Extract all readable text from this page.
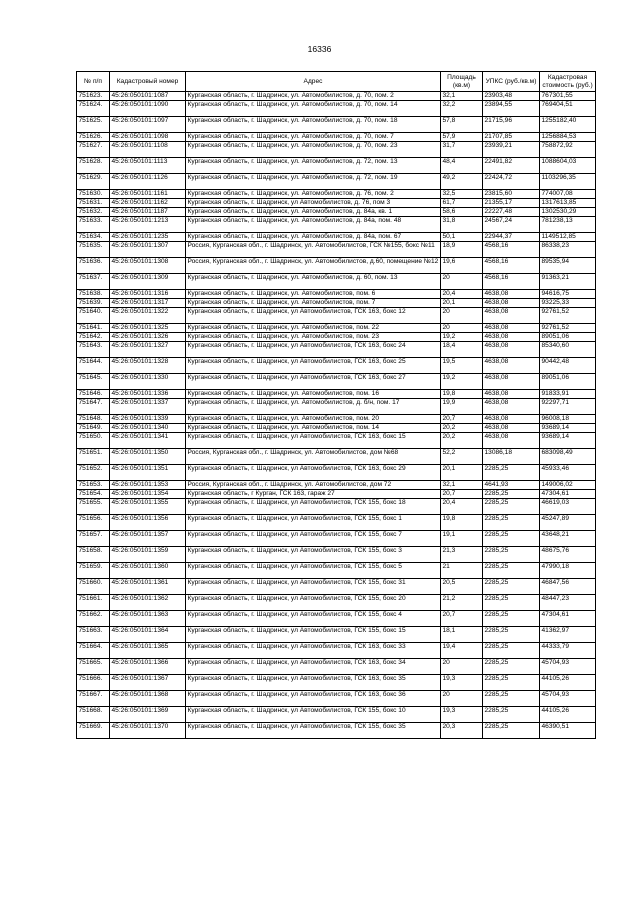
16336
№ п/п	Кадастровый номер	Адрес	Площадь (кв.м)	УПКС (руб./кв.м)	Кадастровая стоимость (руб.)
751623.	45:26:050101:1087	Курганская область, г. Шадринск, ул. Автомобилистов, д. 70, пом. 2	32,1	23903,48	767301,55
751624.	45:26:050101:1090	Курганская область, г. Шадринск, ул. Автомобилистов, д. 70, пом. 14	32,2	23894,55	769404,51
751625.	45:26:050101:1097	Курганская область, г. Шадринск, ул. Автомобилистов, д. 70, пом. 18	57,8	21715,96	1255182,40
751626.	45:26:050101:1098	Курганская область, г. Шадринск, ул. Автомобилистов, д. 70, пом. 7	57,9	21707,85	1256884,53
751627.	45:26:050101:1108	Курганская область, г. Шадринск, ул. Автомобилистов, д. 70, пом. 23	31,7	23939,21	758872,92
751628.	45:26:050101:1113	Курганская область, г. Шадринск, ул. Автомобилистов, д. 72, пом. 13	48,4	22491,82	1088604,03
751629.	45:26:050101:1126	Курганская область, г. Шадринск, ул. Автомобилистов, д. 72, пом. 19	49,2	22424,72	1103296,35
751630.	45:26:050101:1161	Курганская область, г. Шадринск, ул. Автомобилистов, д. 76, пом. 2	32,5	23815,60	774007,08
751631.	45:26:050101:1162	Курганская область, г. Шадринск, ул Автомобилистов, д. 76, пом 3	61,7	21355,17	1317613,85
751632.	45:26:050101:1187	Курганская область, г. Шадринск, ул. Автомобилистов, д. 84а, кв. 1	58,6	22227,48	1302530,29
751633.	45:26:050101:1213	Курганская область, г. Шадринск, ул. Автомобилистов, д. 84а, пом. 48	31,8	24567,24	781238,13
751634.	45:26:050101:1235	Курганская область, г. Шадринск, ул. Автомобилистов, д. 84а, пом. 67	50,1	22944,37	1149512,85
751635.	45:26:050101:1307	Россия, Курганская обл., г. Шадринск, ул. Автомобилистов, ГСК №155, бокс №11	18,9	4568,16	86338,23
751636.	45:26:050101:1308	Россия, Курганская обл., г. Шадринск, ул. Автомобилистов, д.60, помещение №12	19,6	4568,16	89535,94
751637.	45:26:050101:1309	Курганская область, г. Шадринск, ул. Автомобилистов, д. 60, пом. 13	20	4568,16	91363,21
751638.	45:26:050101:1316	Курганская область, г. Шадринск, ул. Автомобилистов, пом. 6	20,4	4638,08	94616,75
751639.	45:26:050101:1317	Курганская область, г. Шадринск, ул. Автомобилистов, пом. 7	20,1	4638,08	93225,33
751640.	45:26:050101:1322	Курганская область, г. Шадринск, ул Автомобилистов, ГСК 163, бокс 12	20	4638,08	92761,52
751641.	45:26:050101:1325	Курганская область, г. Шадринск, ул. Автомобилистов, пом. 22	20	4638,08	92761,52
751642.	45:26:050101:1326	Курганская область, г. Шадринск, ул. Автомобилистов, пом. 23	19,2	4638,08	89051,06
751643.	45:26:050101:1327	Курганская область, г. Шадринск, ул Автомобилистов, ГСК 163, бокс 24	18,4	4638,08	85340,60
751644.	45:26:050101:1328	Курганская область, г. Шадринск, ул Автомобилистов, ГСК 163, бокс 25	19,5	4638,08	90442,48
751645.	45:26:050101:1330	Курганская область, г. Шадринск, ул Автомобилистов, ГСК 163, бокс 27	19,2	4638,08	89051,06
751646.	45:26:050101:1336	Курганская область, г. Шадринск, ул. Автомобилистов, пом. 16	19,8	4638,08	91833,91
751647.	45:26:050101:1337	Курганская область, г. Шадринск, ул. Автомобилистов, д. б/н, пом. 17	19,9	4638,08	92297,71
751648.	45:26:050101:1339	Курганская область, г. Шадринск, ул. Автомобилистов, пом. 20	20,7	4638,08	96008,18
751649.	45:26:050101:1340	Курганская область, г. Шадринск, ул. Автомобилистов, пом. 14	20,2	4638,08	93689,14
751650.	45:26:050101:1341	Курганская область, г. Шадринск, ул Автомобилистов, ГСК 163, бокс 15	20,2	4638,08	93689,14
751651.	45:26:050101:1350	Россия, Курганская обл., г. Шадринск, ул. Автомобилистов, дом №68	52,2	13086,18	683098,49
751652.	45:26:050101:1351	Курганская область, г. Шадринск, ул Автомобилистов, ГСК 163, бокс 29	20,1	2285,25	45933,46
751653.	45:26:050101:1353	Россия, Курганская обл., г. Шадринск, ул. Автомобилистов, дом 72	32,1	4641,93	149006,02
751654.	45:26:050101:1354	Курганская область, г Курган, ГСК 163, гараж 27	20,7	2285,25	47304,61
751655.	45:26:050101:1355	Курганская область, г. Шадринск, ул Автомобилистов, ГСК 155, бокс 18	20,4	2285,25	46619,03
751656.	45:26:050101:1356	Курганская область, г. Шадринск, ул Автомобилистов, ГСК 155, бокс 1	19,8	2285,25	45247,89
751657.	45:26:050101:1357	Курганская область, г. Шадринск, ул Автомобилистов, ГСК 155, бокс 7	19,1	2285,25	43648,21
751658.	45:26:050101:1359	Курганская область, г. Шадринск, ул Автомобилистов, ГСК 155, бокс 3	21,3	2285,25	48675,76
751659.	45:26:050101:1360	Курганская область, г. Шадринск, ул Автомобилистов, ГСК 155, бокс 5	21	2285,25	47990,18
751660.	45:26:050101:1361	Курганская область, г. Шадринск, ул Автомобилистов, ГСК 155, бокс 31	20,5	2285,25	46847,56
751661.	45:26:050101:1362	Курганская область, г. Шадринск, ул Автомобилистов, ГСК 155, бокс 20	21,2	2285,25	48447,23
751662.	45:26:050101:1363	Курганская область, г. Шадринск, ул Автомобилистов, ГСК 155, бокс 4	20,7	2285,25	47304,61
751663.	45:26:050101:1364	Курганская область, г. Шадринск, ул Автомобилистов, ГСК 155, бокс 15	18,1	2285,25	41362,97
751664.	45:26:050101:1365	Курганская область, г. Шадринск, ул Автомобилистов, ГСК 163, бокс 33	19,4	2285,25	44333,79
751665.	45:26:050101:1366	Курганская область, г. Шадринск, ул Автомобилистов, ГСК 163, бокс 34	20	2285,25	45704,93
751666.	45:26:050101:1367	Курганская область, г. Шадринск, ул Автомобилистов, ГСК 163, бокс 35	19,3	2285,25	44105,26
751667.	45:26:050101:1368	Курганская область, г. Шадринск, ул Автомобилистов, ГСК 163, бокс 36	20	2285,25	45704,93
751668.	45:26:050101:1369	Курганская область, г. Шадринск, ул Автомобилистов, ГСК 155, бокс 10	19,3	2285,25	44105,26
751669.	45:26:050101:1370	Курганская область, г. Шадринск, ул Автомобилистов, ГСК 155, бокс 35	20,3	2285,25	46390,51
